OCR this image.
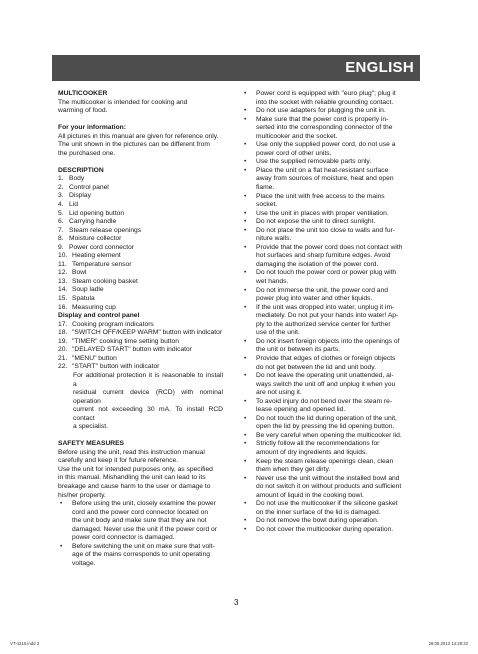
ENGLISH
MULTICOOKER
The multicooker is intended for cooking and
warming of food.
For your information:
All pictures in this manual are given for reference only.
The unit shown in the pictures can be different from
the purchased one.
DESCRIPTION
1. Body
2. Control panel
3. Display
4. Lid
5. Lid opening button
6. Carrying handle
7. Steam release openings
8. Moisture collector
9. Power cord connector
10. Heating element
11. Temperature sensor
12. Bowl
13. Steam cooking basket
14. Soup ladle
15. Spatula
16. Measuring cup
Display and control panel
17. Cooking program indicators
18. "SWITCH OFF/KEEP WARM" button with indicator
19. "TIMER" cooking time setting button
20. "DELAYED START" button with indicator
21. "MENU" button
22. "START" button with indicator
For additional protection it is reasonable to install a
residual current device (RCD) with nominal operation
current not exceeding 30 mA. To install RCD contact
a specialist.
SAFETY MEASURES
Before using the unit, read this instruction manual
carefully and keep it for future reference.
Use the unit for intended purposes only, as specified
in this manual. Mishandling the unit can lead to its
breakage and cause harm to the user or damage to
his/her property.
•	Before using the unit, closely examine the power
cord and the power cord connector located on
the unit body and make sure that they are not
damaged. Never use the unit if the power cord or
power cord connector is damaged.
•	Before switching the unit on make sure that volt-
age of the mains corresponds to unit operating
voltage.
•	Power cord is equipped with "euro plug"; plug it
into the socket with reliable grounding contact.
•	Do not use adapters for plugging the unit in.
•	Make sure that the power cord is properly in-
serted into the corresponding connector of the
multicooker and the socket.
•	Use only the supplied power cord, do not use a
power cord of other units.
•	Use the supplied removable parts only.
•	Place the unit on a flat heat-resistant surface
away from sources of moisture, heat and open
flame.
•	Place the unit with free access to the mains
socket.
•	Use the unit in places with proper ventilation.
•	Do not expose the unit to direct sunlight.
•	Do not place the unit too close to walls and fur-
niture walls.
•	Provide that the power cord does not contact with
hot surfaces and sharp furniture edges. Avoid
damaging the isolation of the power cord.
•	Do not touch the power cord or power plug with
wet hands.
•	Do not immerse the unit, the power cord and
power plug into water and other liquids.
•	If the unit was dropped into water, unplug it im-
mediately. Do not put your hands into water! Ap-
ply to the authorized service center for further
use of the unit.
•	Do not insert foreign objects into the openings of
the unit or between its parts.
•	Provide that edges of clothes or foreign objects
do not get between the lid and unit body.
•	Do not leave the operating unit unattended, al-
ways switch the unit off and unplug it when you
are not using it.
•	To avoid injury do not bend over the steam re-
lease opening and opened lid.
•	Do not touch the lid during operation of the unit,
open the lid by pressing the lid opening button.
•	Be very careful when opening the multicooker lid.
•	Strictly follow all the recommendations for
amount of dry ingredients and liquids.
•	Keep the steam release openings clean, clean
them when they get dirty.
•	Never use the unit without the installed bowl and
do not switch it on without products and sufficient
amount of liquid in the cooking bowl.
•	Do not use the multicooker if the silicone gasket
on the inner surface of the lid is damaged.
•	Do not remove the bowl during operation.
•	Do not cover the multicooker during operation.
3
VT-4210.indd 3	28.05.2013 14:29:22
